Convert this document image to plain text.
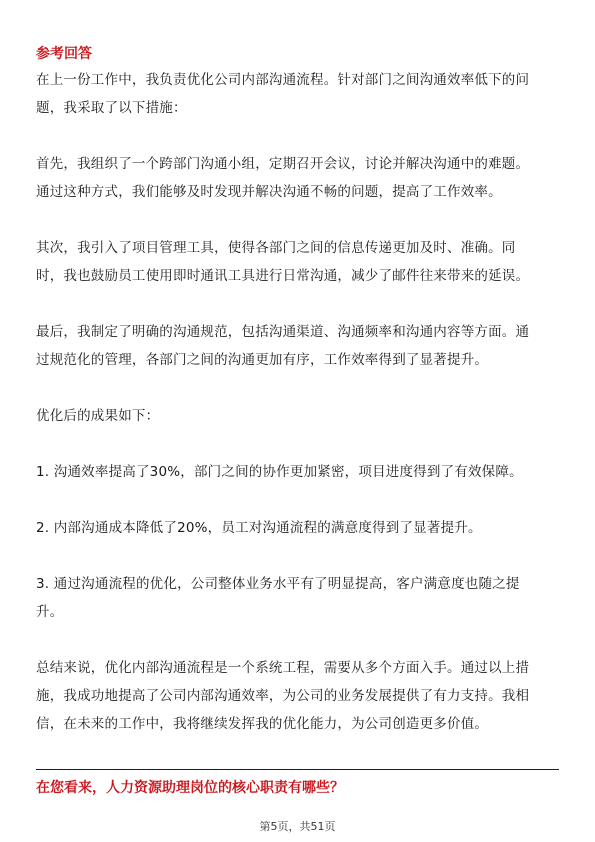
参考回答

在上一份工作中，我负责优化公司内部沟通流程。针对部门之间沟通效率低下的问
题，我采取了以下措施：

首先，我组织了一个跨部门沟通小组，定期召开会议，讨论并解决沟通中的难题。
通过这种方式，我们能够及时发现并解决沟通不畅的问题，提高了工作效率。

其次，我引入了项目管理工具，使得各部门之间的信息传递更加及时、准确。同
时，我也鼓励员工使用即时通讯工具进行日常沟通，减少了邮件往来带来的延误。

最后，我制定了明确的沟通规范，包括沟通渠道、沟通频率和沟通内容等方面。通
过规范化的管理，各部门之间的沟通更加有序，工作效率得到了显著提升。

优化后的成果如下：

1. 沟通效率提高了30%，部门之间的协作更加紧密，项目进度得到了有效保障。

2. 内部沟通成本降低了20%，员工对沟通流程的满意度得到了显著提升。

3. 通过沟通流程的优化，公司整体业务水平有了明显提高，客户满意度也随之提
升。

总结来说，优化内部沟通流程是一个系统工程，需要从多个方面入手。通过以上措
施，我成功地提高了公司内部沟通效率，为公司的业务发展提供了有力支持。我相
信，在未来的工作中，我将继续发挥我的优化能力，为公司创造更多价值。

在您看来，人力资源助理岗位的核心职责有哪些？
第5页，共51页
